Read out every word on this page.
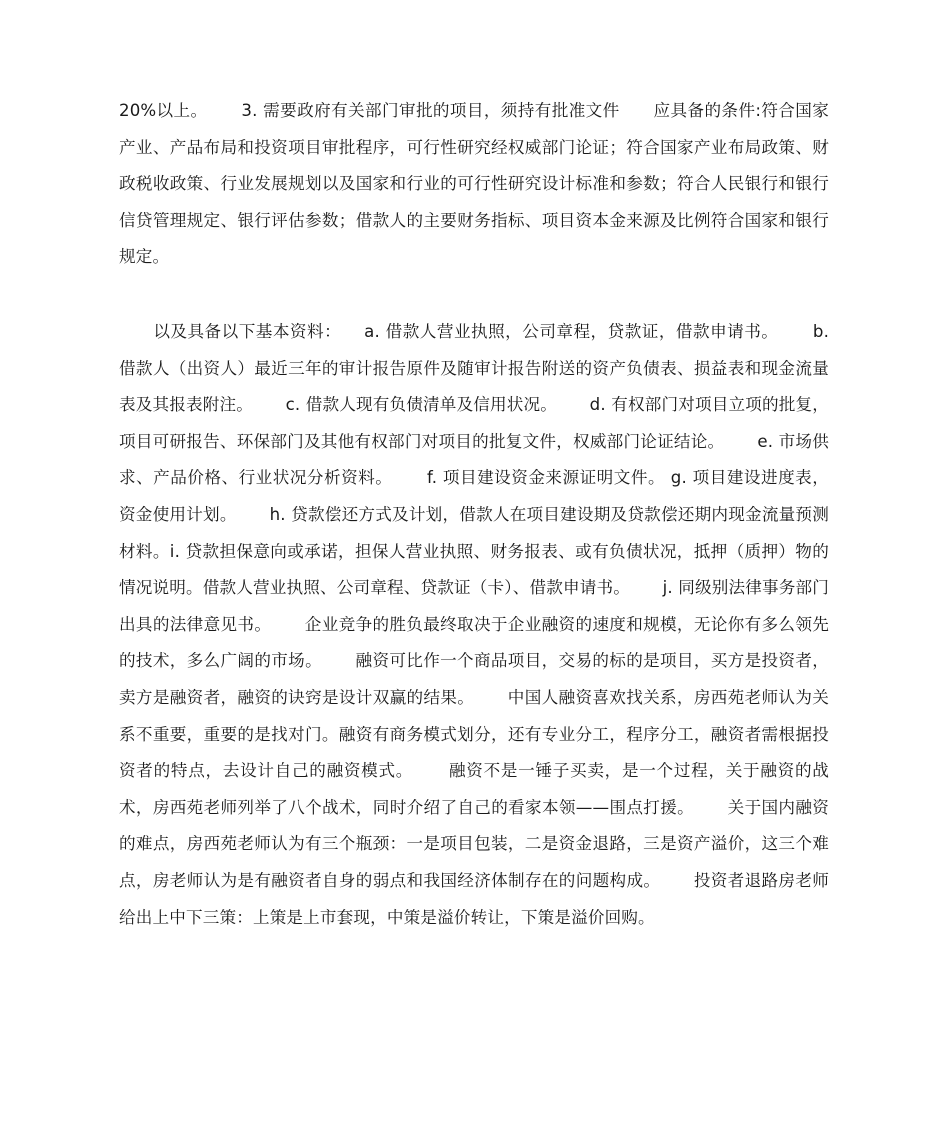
20%以上。      3. 需要政府有关部门审批的项目，须持有批准文件      应具备的条件:符合国家产业、产品布局和投资项目审批程序，可行性研究经权威部门论证；符合国家产业布局政策、财政税收政策、行业发展规划以及国家和行业的可行性研究设计标准和参数；符合人民银行和银行信贷管理规定、银行评估参数；借款人的主要财务指标、项目资本金来源及比例符合国家和银行规定。
以及具备以下基本资料：    a. 借款人营业执照，公司章程，贷款证，借款申请书。      b. 借款人（出资人）最近三年的审计报告原件及随审计报告附送的资产负债表、损益表和现金流量表及其报表附注。      c. 借款人现有负债清单及信用状况。      d. 有权部门对项目立项的批复，项目可研报告、环保部门及其他有权部门对项目的批复文件，权威部门论证结论。      e. 市场供求、产品价格、行业状况分析资料。      f. 项目建设资金来源证明文件。 g. 项目建设进度表，资金使用计划。      h. 贷款偿还方式及计划，借款人在项目建设期及贷款偿还期内现金流量预测材料。i. 贷款担保意向或承诺，担保人营业执照、财务报表、或有负债状况，抵押（质押）物的情况说明。借款人营业执照、公司章程、贷款证（卡）、借款申请书。      j. 同级别法律事务部门出具的法律意见书。      企业竞争的胜负最终取决于企业融资的速度和规模，无论你有多么领先的技术，多么广阔的市场。      融资可比作一个商品项目，交易的标的是项目，买方是投资者，卖方是融资者，融资的诀窍是设计双赢的结果。      中国人融资喜欢找关系，房西苑老师认为关系不重要，重要的是找对门。融资有商务模式划分，还有专业分工，程序分工，融资者需根据投资者的特点，去设计自己的融资模式。      融资不是一锤子买卖，是一个过程，关于融资的战术，房西苑老师列举了八个战术，同时介绍了自己的看家本领——围点打援。      关于国内融资的难点，房西苑老师认为有三个瓶颈：一是项目包装，二是资金退路，三是资产溢价，这三个难点，房老师认为是有融资者自身的弱点和我国经济体制存在的问题构成。      投资者退路房老师给出上中下三策：上策是上市套现，中策是溢价转让，下策是溢价回购。
